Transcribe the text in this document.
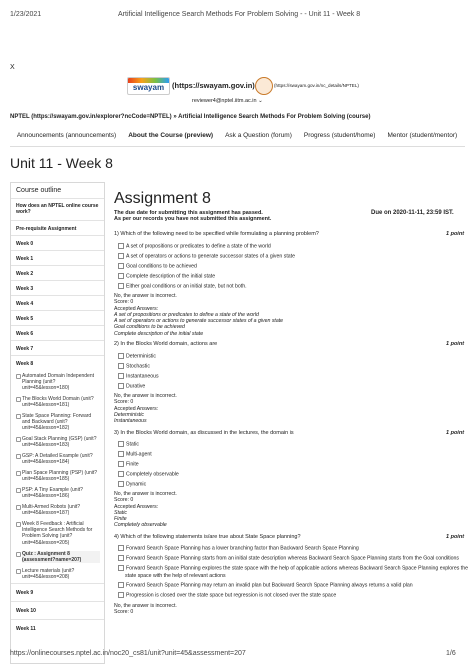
1/23/2021	Artificial Intelligence Search Methods For Problem Solving - - Unit 11 - Week 8
X
swayam	(https://swayam.gov.in)	(https://swayam.gov.in/nc_details/NPTEL)
reviewer4@nptel.iitm.ac.in ⌄
NPTEL (https://swayam.gov.in/explorer?ncCode=NPTEL) » Artificial Intelligence Search Methods For Problem Solving (course)
Announcements (announcements) About the Course (preview) Ask a Question (forum) Progress (student/home) Mentor (student/mentor)
Unit 11 - Week 8
Course outline
How does an NPTEL online course work?
Pre-requisite Assignment
Week 0
Week 1
Week 2
Week 3
Week 4
Week 5
Week 6
Week 7
Week 8
Automated Domain Independent Planning (unit?unit=45&lesson=180)
The Blocks World Domain (unit?unit=45&lesson=181)
State Space Planning: Forward and Backward (unit?unit=45&lesson=182)
Goal Stack Planning (GSP) (unit?unit=45&lesson=183)
GSP: A Detailed Example (unit?unit=45&lesson=184)
Plan Space Planning (PSP) (unit?unit=45&lesson=185)
PSP: A Tiny Example (unit?unit=45&lesson=186)
Multi-Armed Robots (unit?unit=45&lesson=187)
Week 8 Feedback : Artificial Intelligence Search Methods for Problem Solving (unit?unit=45&lesson=205)
Quiz : Assignment 8 (assessment?name=207)
Lecture materials (unit?unit=45&lesson=208)
Week 9
Week 10
Week 11
Assignment 8
The due date for submitting this assignment has passed.
As per our records you have not submitted this assignment.
Due on 2020-11-11, 23:59 IST.
1) Which of the following need to be specified while formulating a planning problem?	1 point
A set of propositions or predicates to define a state of the world
A set of operators or actions to generate successor states of a given state
Goal conditions to be achieved
Complete description of the initial state
Either goal conditions or an initial state, but not both.
No, the answer is incorrect.
Score: 0
Accepted Answers:
A set of propositions or predicates to define a state of the world
A set of operators or actions to generate successor states of a given state
Goal conditions to be achieved
Complete description of the initial state
2) In the Blocks World domain, actions are	1 point
Deterministic
Stochastic
Instantaneous
Durative
No, the answer is incorrect.
Score: 0
Accepted Answers:
Deterministic
Instantaneous
3) In the Blocks World domain, as discussed in the lectures, the domain is	1 point
Static
Multi-agent
Finite
Completely observable
Dynamic
No, the answer is incorrect.
Score: 0
Accepted Answers:
Static
Finite
Completely observable
4) Which of the following statements is/are true about State Space planning?	1 point
Forward Search Space Planning has a lower branching factor than Backward Search Space Planning
Forward Search Space Planning starts from an initial state description whereas Backward Search Space Planning starts from the Goal conditions
Forward Search Space Planning explores the state space with the help of applicable actions whereas Backward Search Space Planning explores the
state space with the help of relevant actions
Forward Search Space Planning may return an invalid plan but Backward Search Space Planning always returns a valid plan
Progression is closed over the state space but regression is not closed over the state space
No, the answer is incorrect.
Score: 0
https://onlinecourses.nptel.ac.in/noc20_cs81/unit?unit=45&assessment=207	1/6
